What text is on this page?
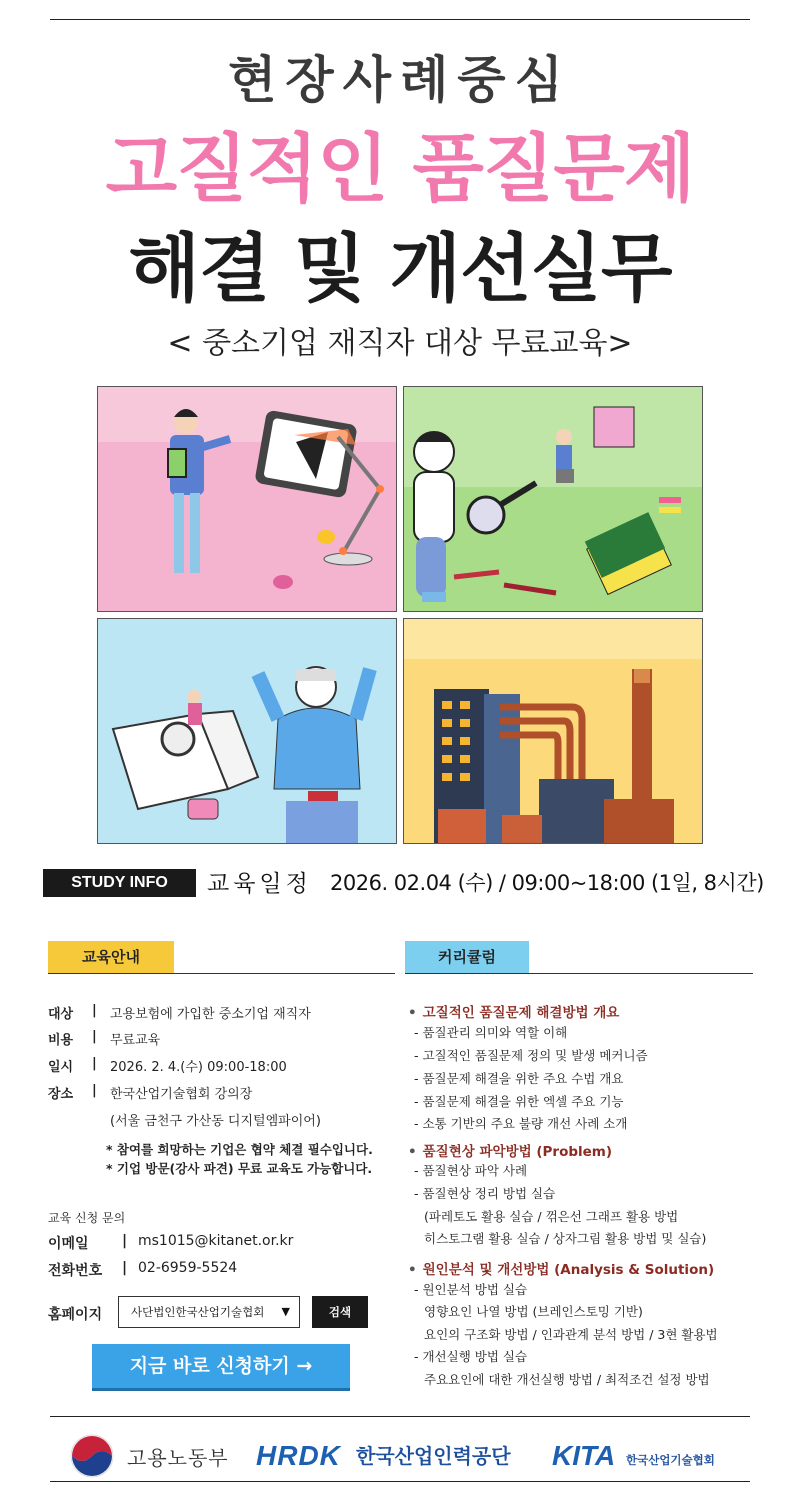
현장사례중심
고질적인 품질문제
해결 및 개선실무
< 중소기업 재직자 대상 무료교육>
STUDY INFO	교육일정 2026. 02.04 (수) / 09:00~18:00 (1일, 8시간)
교육안내
대상	| 고용보험에 가입한 중소기업 재직자
비용	| 무료교육
일시	| 2026. 2. 4.(수) 09:00-18:00
장소	| 한국산업기술협회 강의장
(서울 금천구 가산동 디지털엠파이어)
* 참여를 희망하는 기업은 협약 체결 필수입니다.
* 기업 방문(강사 파견) 무료 교육도 가능합니다.
교육 신청 문의
이메일 | ms1015@kitanet.or.kr
전화번호 | 02-6959-5524
홈페이지	사단법인한국산업기술협회 ▼	검색
지금 바로 신청하기 →
커리큘럼
• 고질적인 품질문제 해결방법 개요
- 품질관리 의미와 역할 이해
- 고질적인 품질문제 정의 및 발생 메커니즘
- 품질문제 해결을 위한 주요 수법 개요
- 품질문제 해결을 위한 엑셀 주요 기능
- 소통 기반의 주요 불량 개선 사례 소개
• 품질현상 파악방법 (Problem)
- 품질현상 파악 사례
- 품질현상 정리 방법 실습
(파레토도 활용 실습 / 꺾은선 그래프 활용 방법
히스토그램 활용 실습 / 상자그림 활용 방법 및 실습)
• 원인분석 및 개선방법 (Analysis & Solution)
- 원인분석 방법 실습
영향요인 나열 방법 (브레인스토밍 기반)
요인의 구조화 방법 / 인과관계 분석 방법 / 3현 활용법
- 개선실행 방법 실습
주요요인에 대한 개선실행 방법 / 최적조건 설정 방법
고용노동부 HRDK 한국산업인력공단 KITA 한국산업기술협회
